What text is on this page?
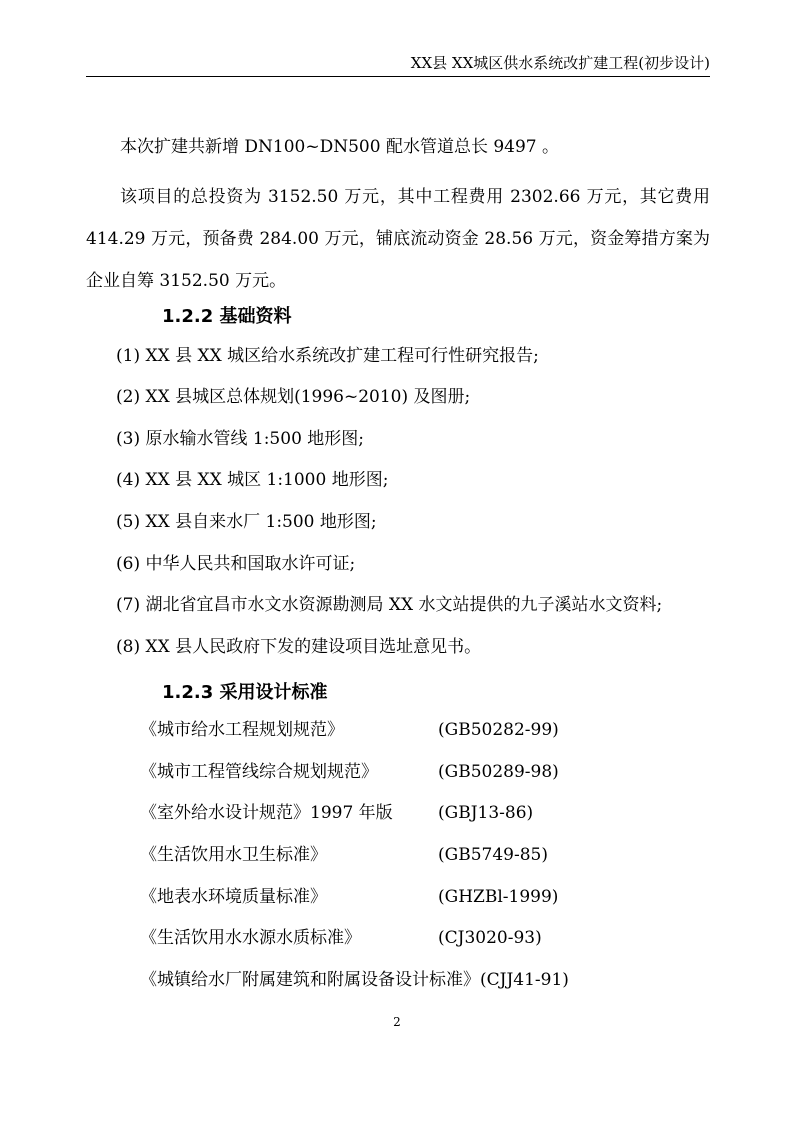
XX县 XX城区供水系统改扩建工程(初步设计)
本次扩建共新增 DN100~DN500 配水管道总长 9497 。
该项目的总投资为 3152.50 万元，其中工程费用 2302.66 万元，其它费用 414.29 万元，预备费 284.00 万元，铺底流动资金 28.56 万元，资金筹措方案为企业自筹 3152.50 万元。
1.2.2 基础资料
(1) XX 县 XX 城区给水系统改扩建工程可行性研究报告;
(2) XX 县城区总体规划(1996~2010) 及图册;
(3) 原水输水管线 1:500 地形图;
(4) XX 县 XX 城区 1:1000 地形图;
(5) XX 县自来水厂 1:500 地形图;
(6) 中华人民共和国取水许可证;
(7) 湖北省宜昌市水文水资源勘测局 XX 水文站提供的九子溪站水文资料;
(8) XX 县人民政府下发的建设项目选址意见书。
1.2.3 采用设计标准
《城市给水工程规划规范》	(GB50282-99)
《城市工程管线综合规划规范》	(GB50289-98)
《室外给水设计规范》1997 年版	(GBJ13-86)
《生活饮用水卫生标准》	(GB5749-85)
《地表水环境质量标准》	(GHZBl-1999)
《生活饮用水水源水质标准》	(CJ3020-93)
《城镇给水厂附属建筑和附属设备设计标准》(CJJ41-91)
2
